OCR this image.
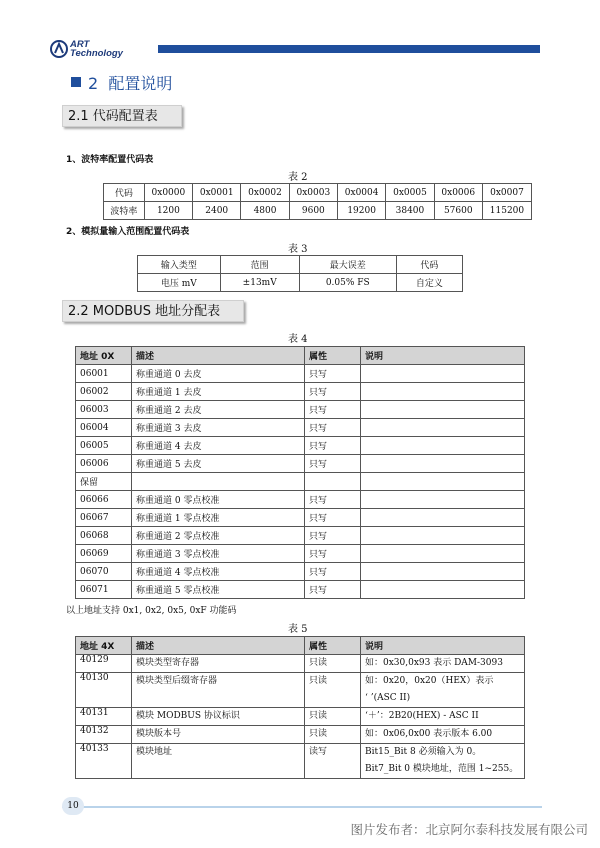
ART
Technology
2 配置说明
2.1 代码配置表
1、波特率配置代码表
表 2
代码	0x0000	0x0001	0x0002	0x0003	0x0004	0x0005	0x0006	0x0007
波特率	1200	2400	4800	9600	19200	38400	57600	115200
2、模拟量输入范围配置代码表
表 3
输入类型	范围	最大误差	代码
电压 mV	±13mV	0.05% FS	自定义
2.2 MODBUS 地址分配表
表 4
地址 0X	描述	属性	说明
06001	称重通道 0 去皮	只写	
06002	称重通道 1 去皮	只写	
06003	称重通道 2 去皮	只写	
06004	称重通道 3 去皮	只写	
06005	称重通道 4 去皮	只写	
06006	称重通道 5 去皮	只写	
保留			
06066	称重通道 0 零点校准	只写	
06067	称重通道 1 零点校准	只写	
06068	称重通道 2 零点校准	只写	
06069	称重通道 3 零点校准	只写	
06070	称重通道 4 零点校准	只写	
06071	称重通道 5 零点校准	只写	
以上地址支持 0x1, 0x2, 0x5, 0xF 功能码
表 5
地址 4X	描述	属性	说明
40129	模块类型寄存器	只读	如：0x30,0x93 表示 DAM-3093

40130	模块类型后缀寄存器	只读	如：0x20，0x20（HEX）表示
‘ ’(ASC II)

40131	模块 MODBUS 协议标识	只读	‘＋’：2B20(HEX) - ASC II

40132	模块版本号	只读	如：0x06,0x00 表示版本 6.00

40133	模块地址	读写	Bit15_Bit 8 必须输入为 0。
Bit7_Bit 0 模块地址，范围 1~255。
10
图片发布者：北京阿尔泰科技发展有限公司
